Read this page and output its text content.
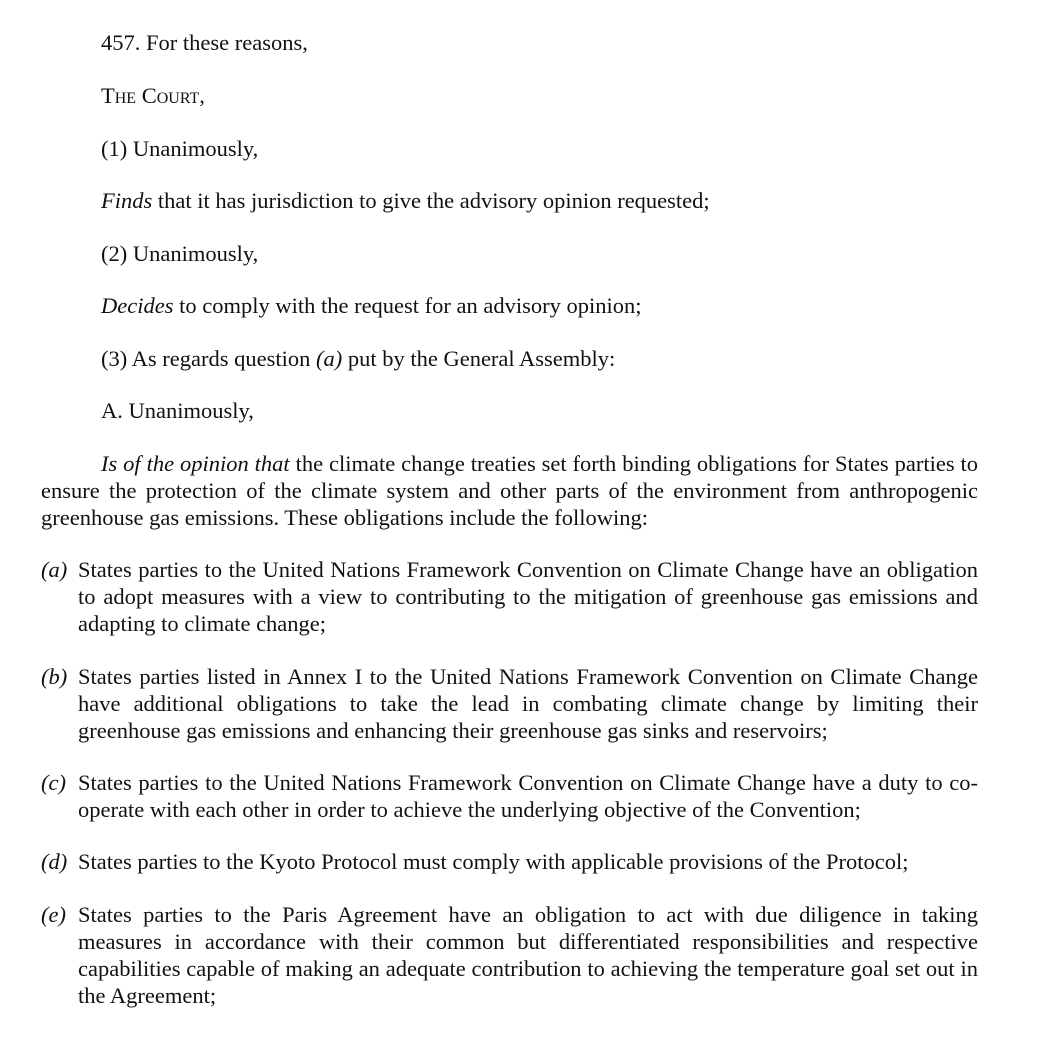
457. For these reasons,
The Court,
(1) Unanimously,
Finds that it has jurisdiction to give the advisory opinion requested;
(2) Unanimously,
Decides to comply with the request for an advisory opinion;
(3) As regards question (a) put by the General Assembly:
A. Unanimously,
Is of the opinion that the climate change treaties set forth binding obligations for States parties to ensure the protection of the climate system and other parts of the environment from anthropogenic greenhouse gas emissions. These obligations include the following:
(a) States parties to the United Nations Framework Convention on Climate Change have an obligation to adopt measures with a view to contributing to the mitigation of greenhouse gas emissions and adapting to climate change;
(b) States parties listed in Annex I to the United Nations Framework Convention on Climate Change have additional obligations to take the lead in combating climate change by limiting their greenhouse gas emissions and enhancing their greenhouse gas sinks and reservoirs;
(c) States parties to the United Nations Framework Convention on Climate Change have a duty to co-operate with each other in order to achieve the underlying objective of the Convention;
(d) States parties to the Kyoto Protocol must comply with applicable provisions of the Protocol;
(e) States parties to the Paris Agreement have an obligation to act with due diligence in taking measures in accordance with their common but differentiated responsibilities and respective capabilities capable of making an adequate contribution to achieving the temperature goal set out in the Agreement;
